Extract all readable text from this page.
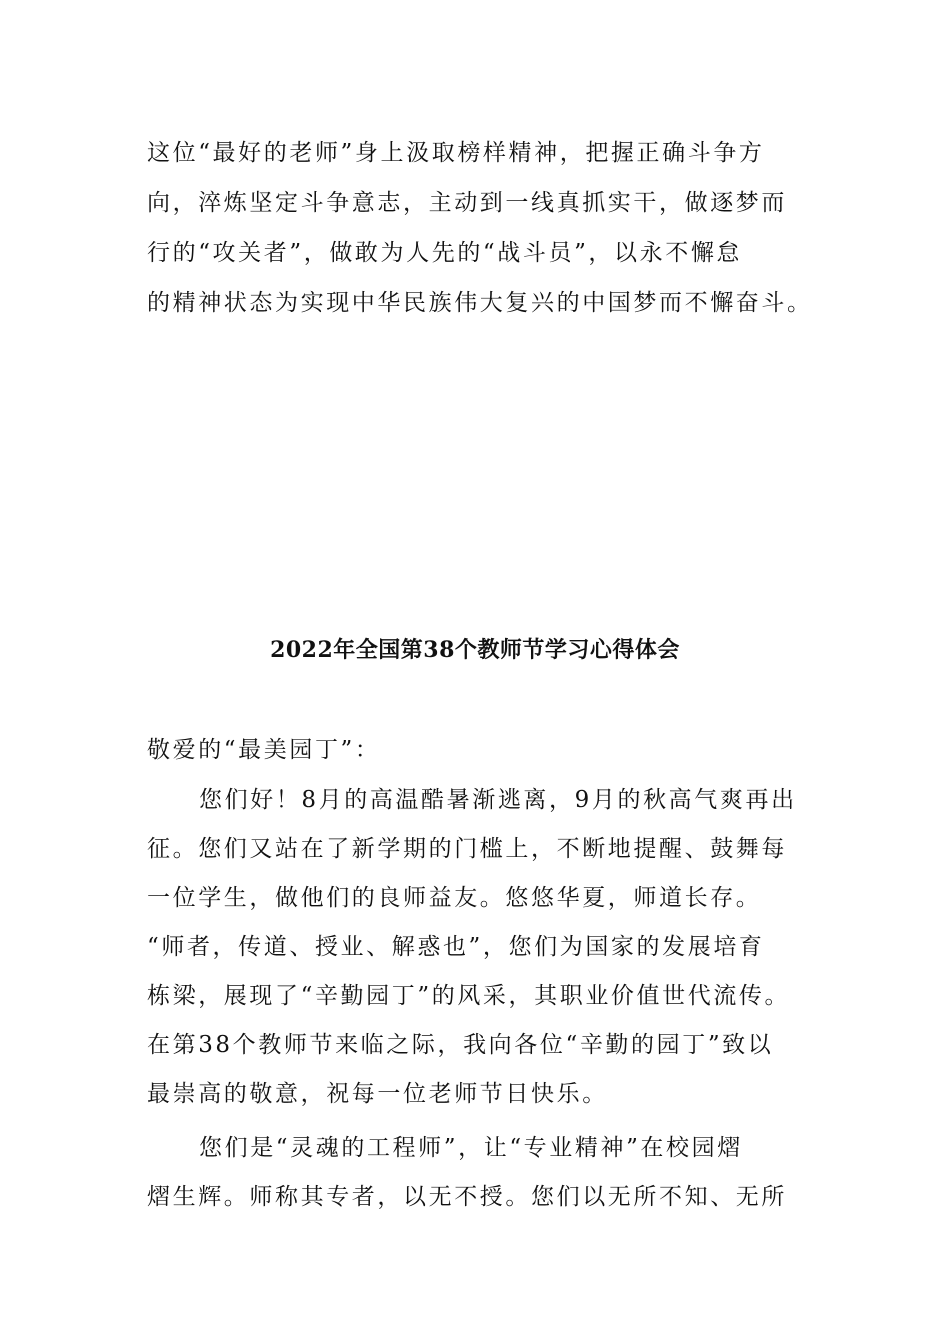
这位“最好的老师”身上汲取榜样精神，把握正确斗争方
向，淬炼坚定斗争意志，主动到一线真抓实干，做逐梦而
行的“攻关者”，做敢为人先的“战斗员”，以永不懈怠
的精神状态为实现中华民族伟大复兴的中国梦而不懈奋斗。
2022年全国第38个教师节学习心得体会
敬爱的“最美园丁”：
您们好！8月的高温酷暑渐逃离，9月的秋高气爽再出
征。您们又站在了新学期的门槛上，不断地提醒、鼓舞每
一位学生，做他们的良师益友。悠悠华夏，师道长存。
“师者，传道、授业、解惑也”，您们为国家的发展培育
栋梁，展现了“辛勤园丁”的风采，其职业价值世代流传。
在第38个教师节来临之际，我向各位“辛勤的园丁”致以
最崇高的敬意，祝每一位老师节日快乐。
您们是“灵魂的工程师”，让“专业精神”在校园熠
熠生辉。师称其专者，以无不授。您们以无所不知、无所
